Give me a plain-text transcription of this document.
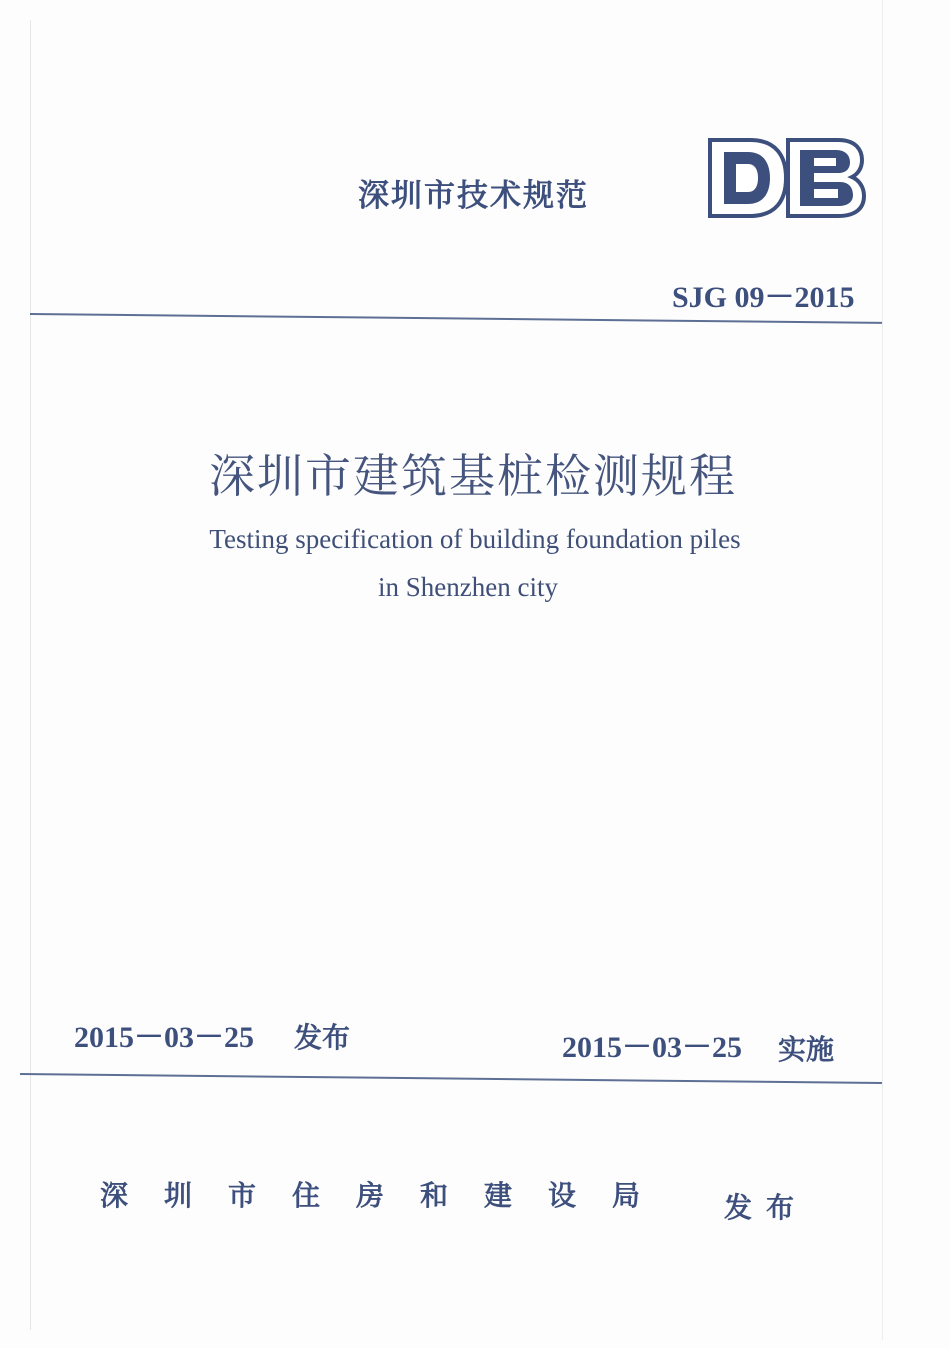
深圳市技术规范
SJG 09－2015
深圳市建筑基桩检测规程
Testing specification of building foundation piles
in Shenzhen city
2015－03－25 发布	2015－03－25 实施
深圳市住房和建设局 发布
